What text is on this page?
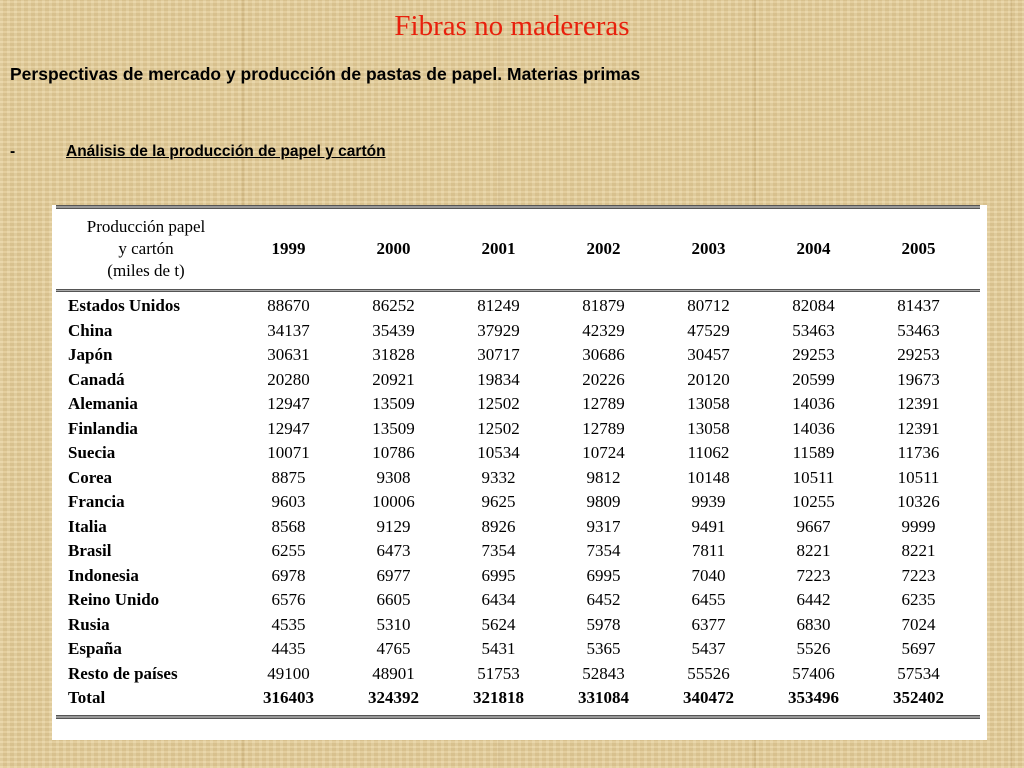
Fibras no madereras
Perspectivas de mercado y producción de pastas de papel. Materias primas
-	Análisis de la producción de papel y cartón
Producción papel
y cartón
(miles de t)
1999	2000	2001	2002	2003	2004	2005
Estados Unidos	88670	86252	81249	81879	80712	82084	81437
China	34137	35439	37929	42329	47529	53463	53463
Japón	30631	31828	30717	30686	30457	29253	29253
Canadá	20280	20921	19834	20226	20120	20599	19673
Alemania	12947	13509	12502	12789	13058	14036	12391
Finlandia	12947	13509	12502	12789	13058	14036	12391
Suecia	10071	10786	10534	10724	11062	11589	11736
Corea	8875	9308	9332	9812	10148	10511	10511
Francia	9603	10006	9625	9809	9939	10255	10326
Italia	8568	9129	8926	9317	9491	9667	9999
Brasil	6255	6473	7354	7354	7811	8221	8221
Indonesia	6978	6977	6995	6995	7040	7223	7223
Reino Unido	6576	6605	6434	6452	6455	6442	6235
Rusia	4535	5310	5624	5978	6377	6830	7024
España	4435	4765	5431	5365	5437	5526	5697
Resto de países	49100	48901	51753	52843	55526	57406	57534
Total	316403	324392	321818	331084	340472	353496	352402
